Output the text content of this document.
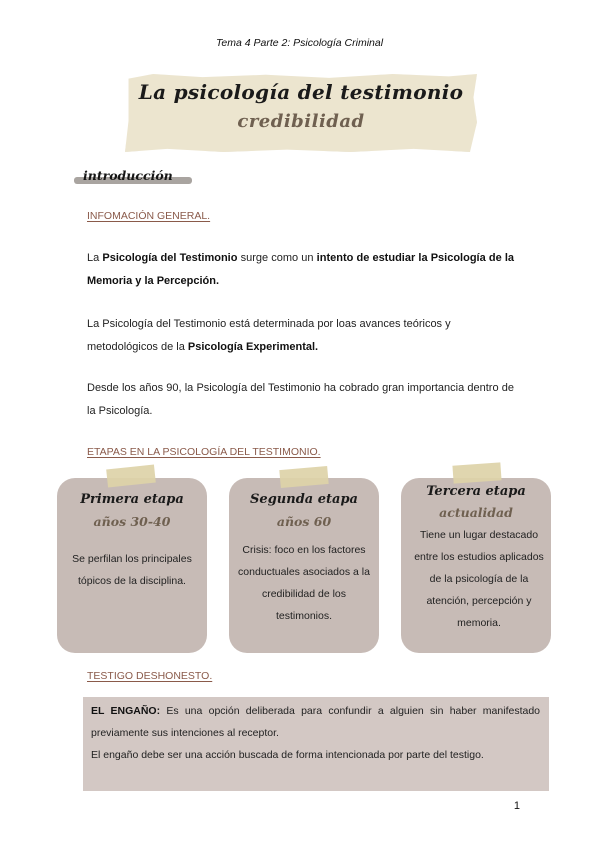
Tema 4 Parte 2: Psicología Criminal
La psicología del testimonio
credibilidad
introducción
INFOMACIÓN GENERAL.
La Psicología del Testimonio surge como un intento de estudiar la Psicología de la Memoria y la Percepción.
La Psicología del Testimonio está determinada por loas avances teóricos y metodológicos de la Psicología Experimental.
Desde los años 90, la Psicología del Testimonio ha cobrado gran importancia dentro de la Psicología.
ETAPAS EN LA PSICOLOGÍA DEL TESTIMONIO.
Primera etapa
años 30-40
Se perfilan los principales tópicos de la disciplina.
Segunda etapa
años 60
Crisis: foco en los factores conductuales asociados a la credibilidad de los testimonios.
Tercera etapa
actualidad
Tiene un lugar destacado entre los estudios aplicados de la psicología de la atención, percepción y memoria.
TESTIGO DESHONESTO.
EL ENGAÑO: Es una opción deliberada para confundir a alguien sin haber manifestado previamente sus intenciones al receptor.
El engaño debe ser una acción buscada de forma intencionada por parte del testigo.
1
